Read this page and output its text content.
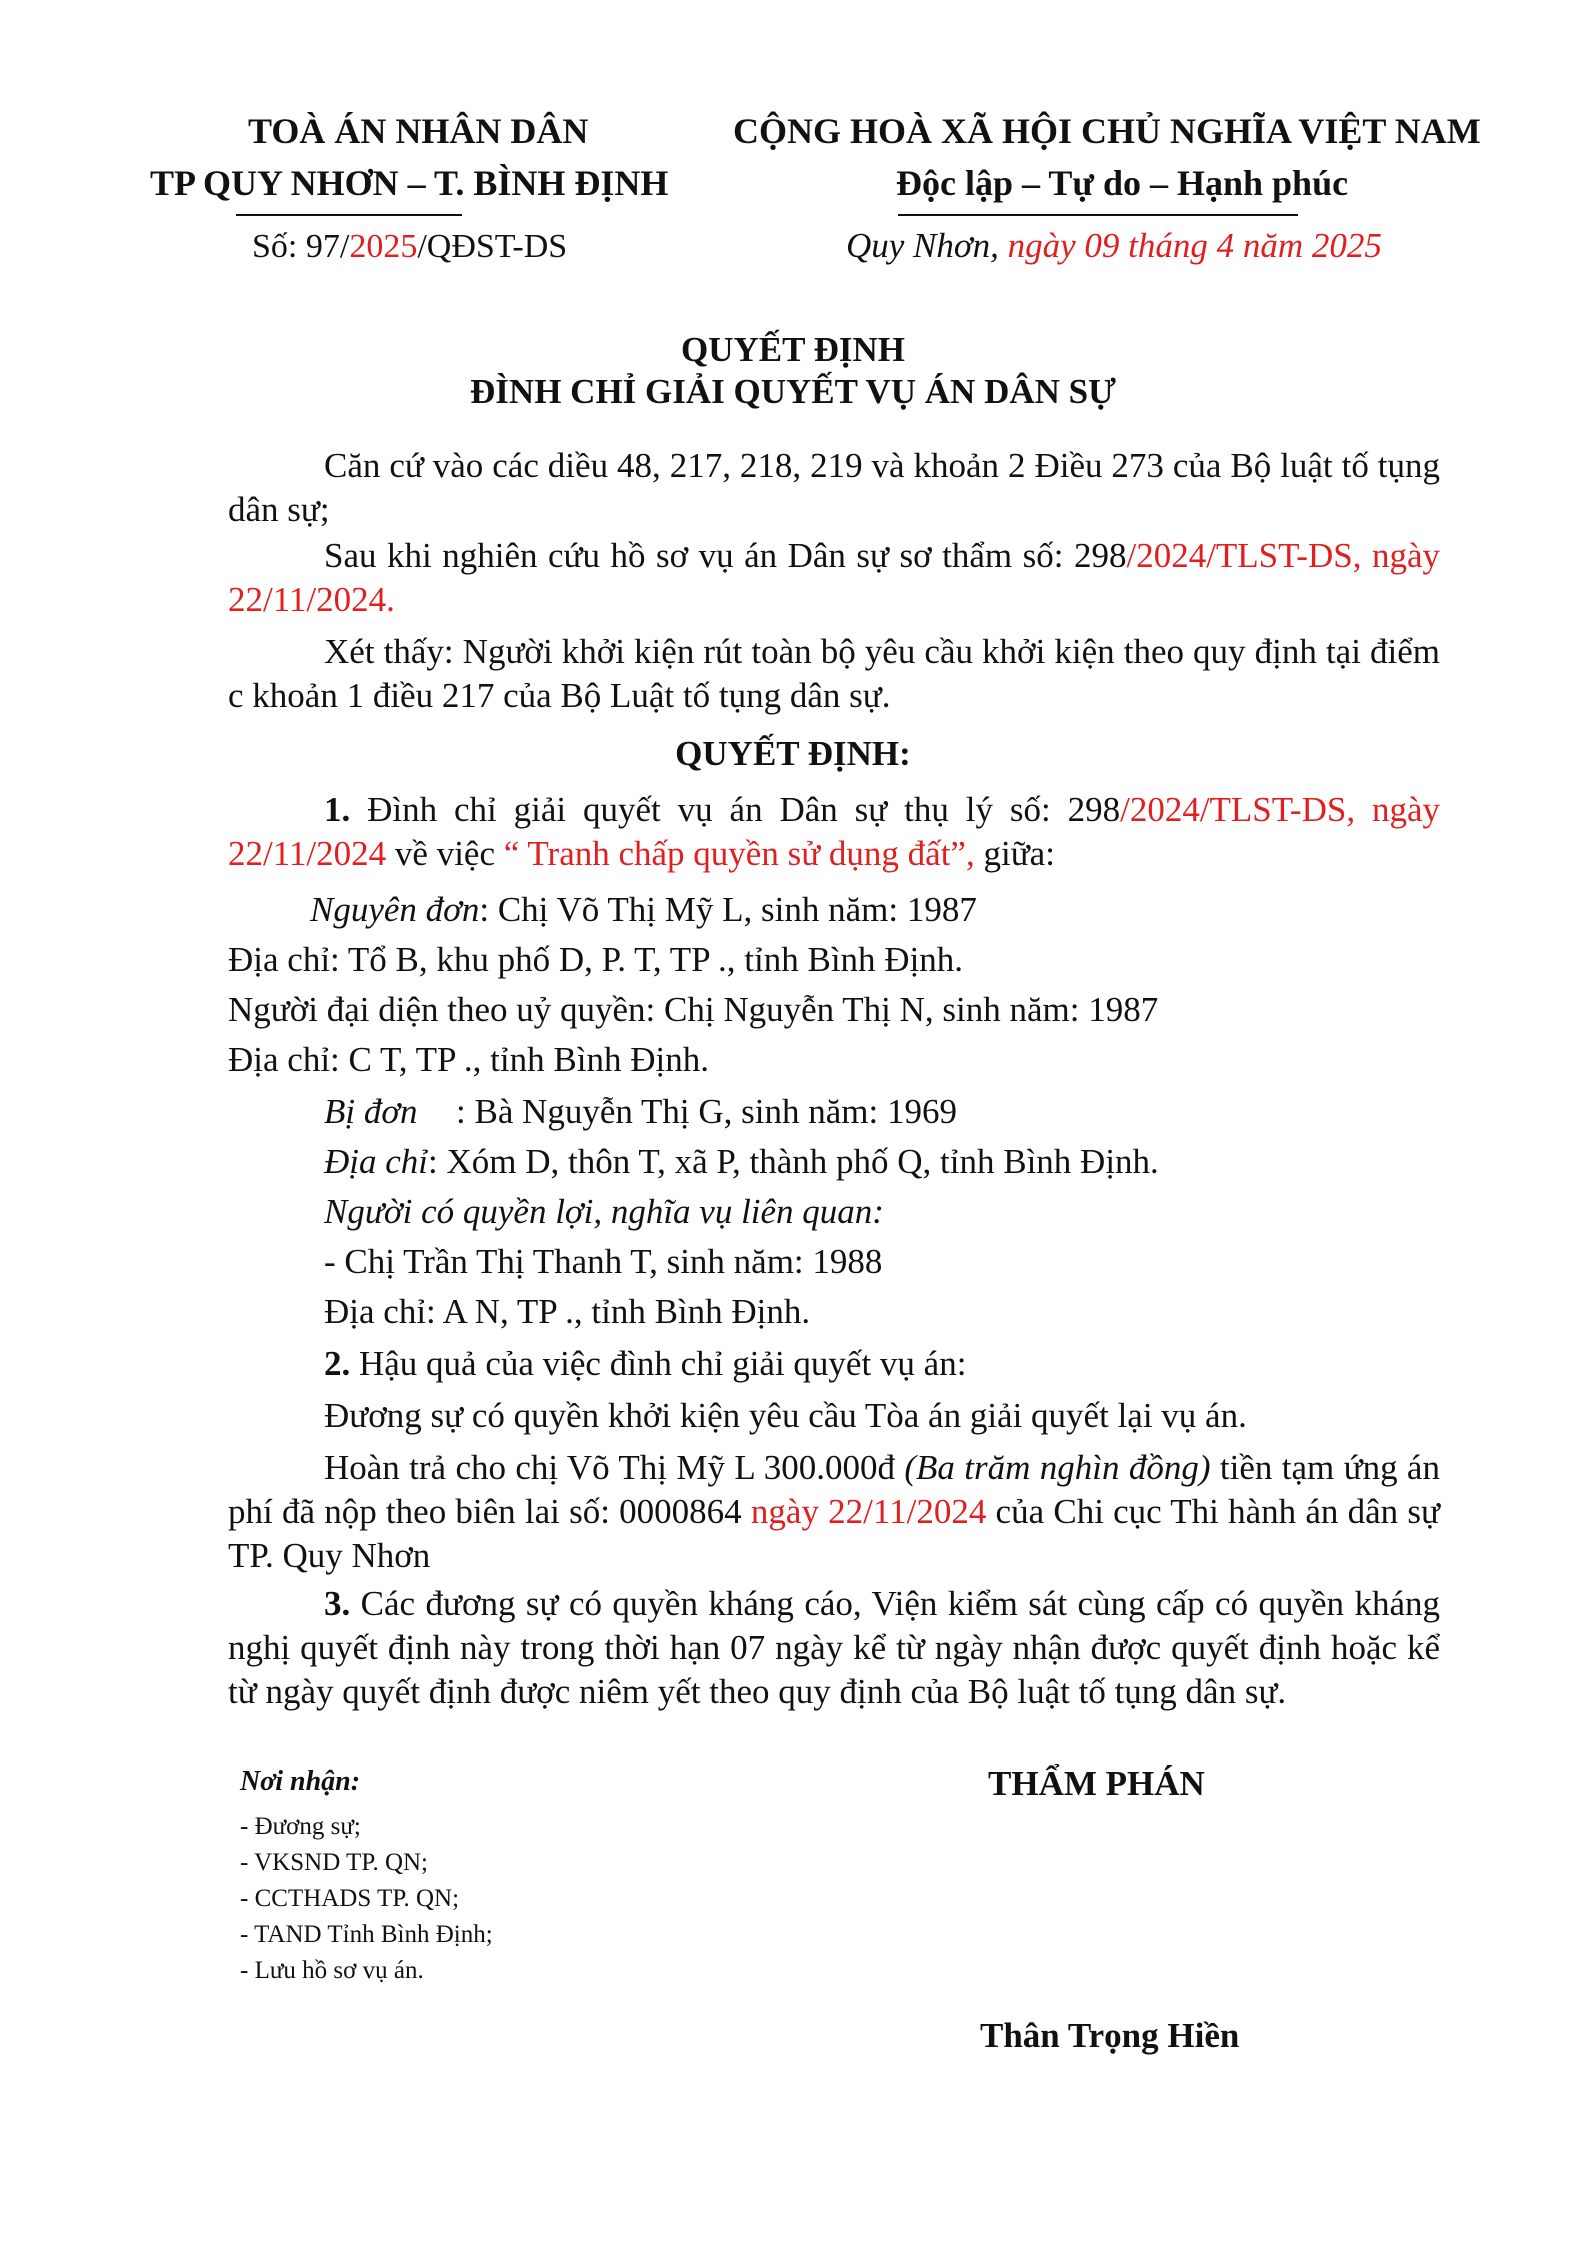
TOÀ ÁN NHÂN DÂN
TP QUY NHƠN – T. BÌNH ĐỊNH
Số: 97/2025/QĐST-DS
CỘNG HOÀ XÃ HỘI CHỦ NGHĨA VIỆT NAM
Độc lập – Tự do – Hạnh phúc
Quy Nhơn, ngày 09 tháng 4 năm 2025
QUYẾT ĐỊNH
ĐÌNH CHỈ GIẢI QUYẾT VỤ ÁN DÂN SỰ
Căn cứ vào các diều 48, 217, 218, 219 và khoản 2 Điều 273 của Bộ luật tố tụng dân sự;
Sau khi nghiên cứu hồ sơ vụ án Dân sự sơ thẩm số: 298/2024/TLST-DS, ngày 22/11/2024.
Xét thấy: Người khởi kiện rút toàn bộ yêu cầu khởi kiện theo quy định tại điểm c khoản 1 điều 217 của Bộ Luật tố tụng dân sự.
QUYẾT ĐỊNH:
1. Đình chỉ giải quyết vụ án Dân sự thụ lý số: 298/2024/TLST-DS, ngày 22/11/2024 về việc “ Tranh chấp quyền sử dụng đất”, giữa:
Nguyên đơn: Chị Võ Thị Mỹ L, sinh năm: 1987
Địa chỉ: Tổ B, khu phố D, P. T, TP ., tỉnh Bình Định.
Người đại diện theo uỷ quyền: Chị Nguyễn Thị N, sinh năm: 1987
Địa chỉ: C T, TP ., tỉnh Bình Định.
Bị đơn : Bà Nguyễn Thị G, sinh năm: 1969
Địa chỉ: Xóm D, thôn T, xã P, thành phố Q, tỉnh Bình Định.
Người có quyền lợi, nghĩa vụ liên quan:
- Chị Trần Thị Thanh T, sinh năm: 1988
Địa chỉ: A N, TP ., tỉnh Bình Định.
2. Hậu quả của việc đình chỉ giải quyết vụ án:
Đương sự có quyền khởi kiện yêu cầu Tòa án giải quyết lại vụ án.
Hoàn trả cho chị Võ Thị Mỹ L 300.000đ (Ba trăm nghìn đồng) tiền tạm ứng án phí đã nộp theo biên lai số: 0000864 ngày 22/11/2024 của Chi cục Thi hành án dân sự TP. Quy Nhơn
3. Các đương sự có quyền kháng cáo, Viện kiểm sát cùng cấp có quyền kháng nghị quyết định này trong thời hạn 07 ngày kể từ ngày nhận được quyết định hoặc kể từ ngày quyết định được niêm yết theo quy định của Bộ luật tố tụng dân sự.
Nơi nhận:
- Đương sự;
- VKSND TP. QN;
- CCTHADS TP. QN;
- TAND Tỉnh Bình Định;
- Lưu hồ sơ vụ án.
THẨM PHÁN
Thân Trọng Hiền
